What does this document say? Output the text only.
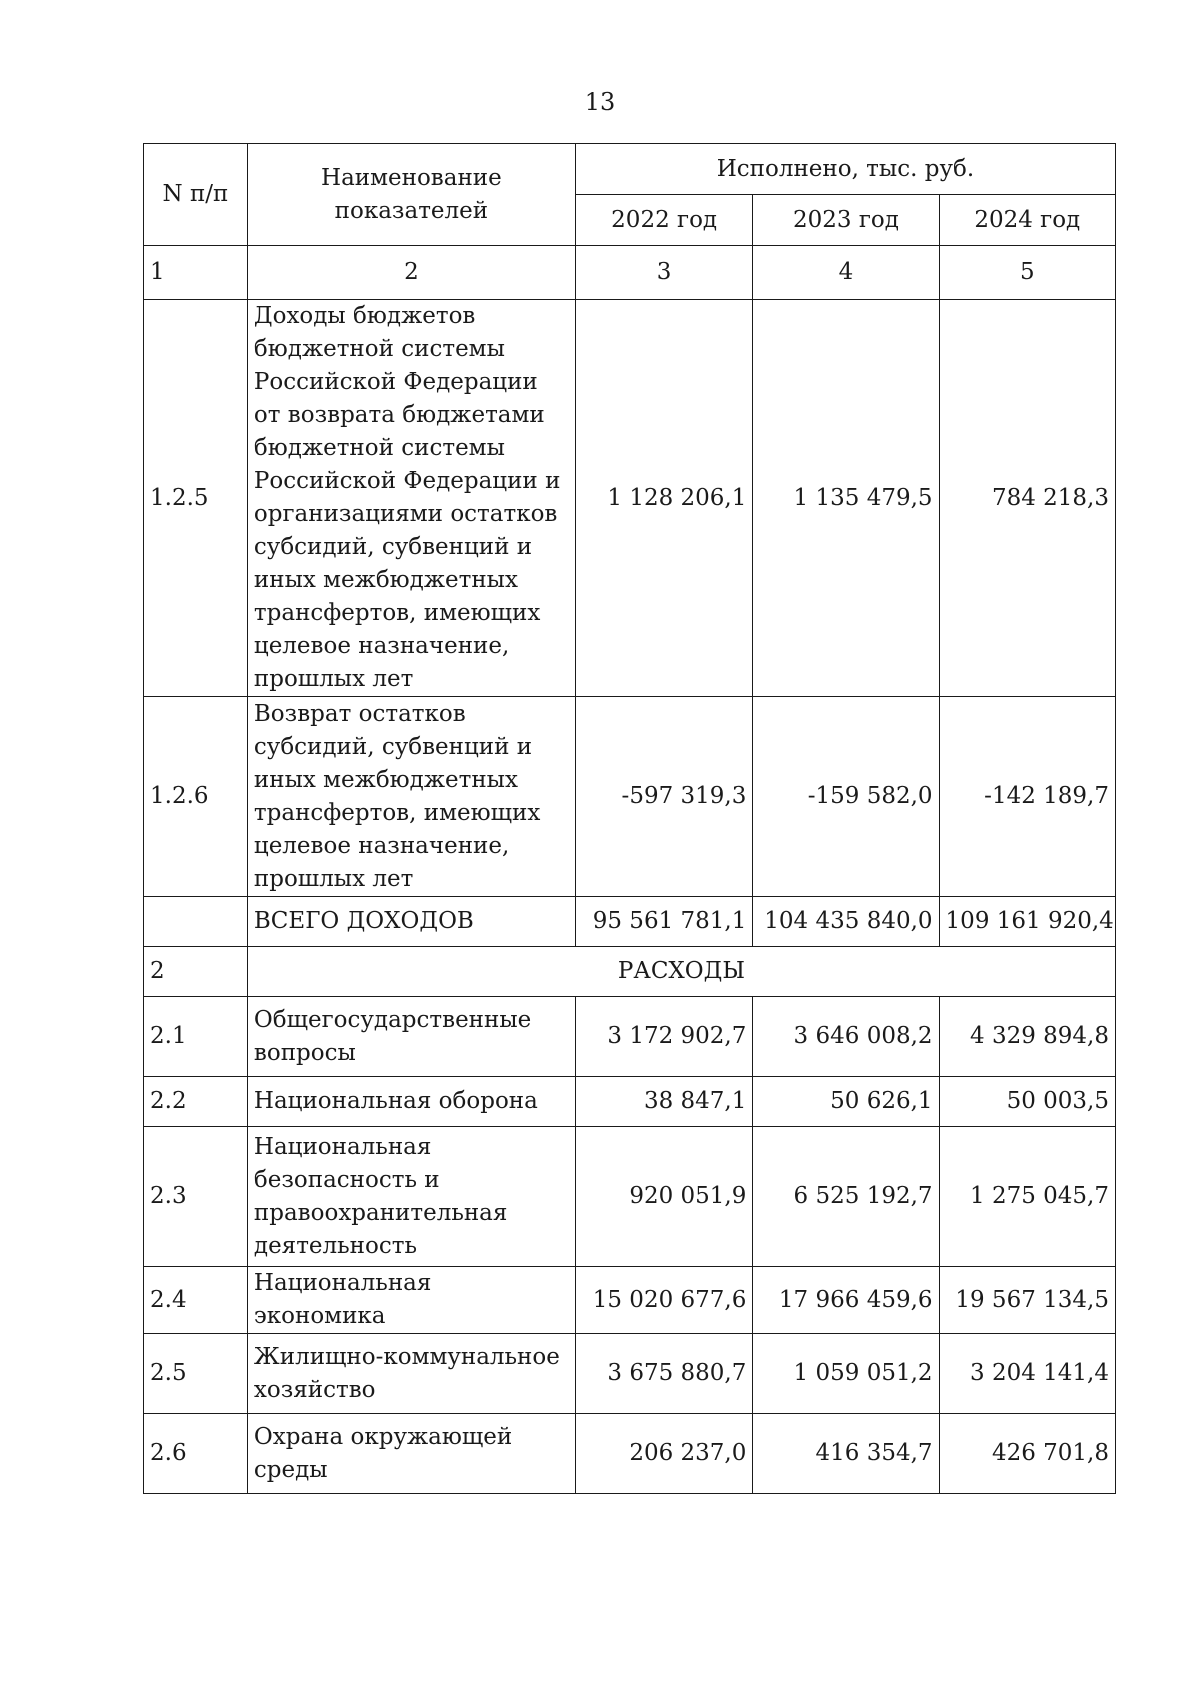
13
N п/п	Наименование показателей	Исполнено, тыс. руб.		
		2022 год	2023 год	2024 год
1	2	3	4	5
1.2.5	Доходы бюджетов бюджетной системы Российской Федерации от возврата бюджетами бюджетной системы Российской Федерации и организациями остатков субсидий, субвенций и иных межбюджетных трансфертов, имеющих целевое назначение, прошлых лет	1 128 206,1	1 135 479,5	784 218,3
1.2.6	Возврат остатков субсидий, субвенций и иных межбюджетных трансфертов, имеющих целевое назначение, прошлых лет	-597 319,3	-159 582,0	-142 189,7
	ВСЕГО ДОХОДОВ	95 561 781,1	104 435 840,0	109 161 920,4
2	РАСХОДЫ			
2.1	Общегосударственные вопросы	3 172 902,7	3 646 008,2	4 329 894,8
2.2	Национальная оборона	38 847,1	50 626,1	50 003,5
2.3	Национальная безопасность и правоохранительная деятельность	920 051,9	6 525 192,7	1 275 045,7
2.4	Национальная экономика	15 020 677,6	17 966 459,6	19 567 134,5
2.5	Жилищно-коммунальное хозяйство	3 675 880,7	1 059 051,2	3 204 141,4
2.6	Охрана окружающей среды	206 237,0	416 354,7	426 701,8
